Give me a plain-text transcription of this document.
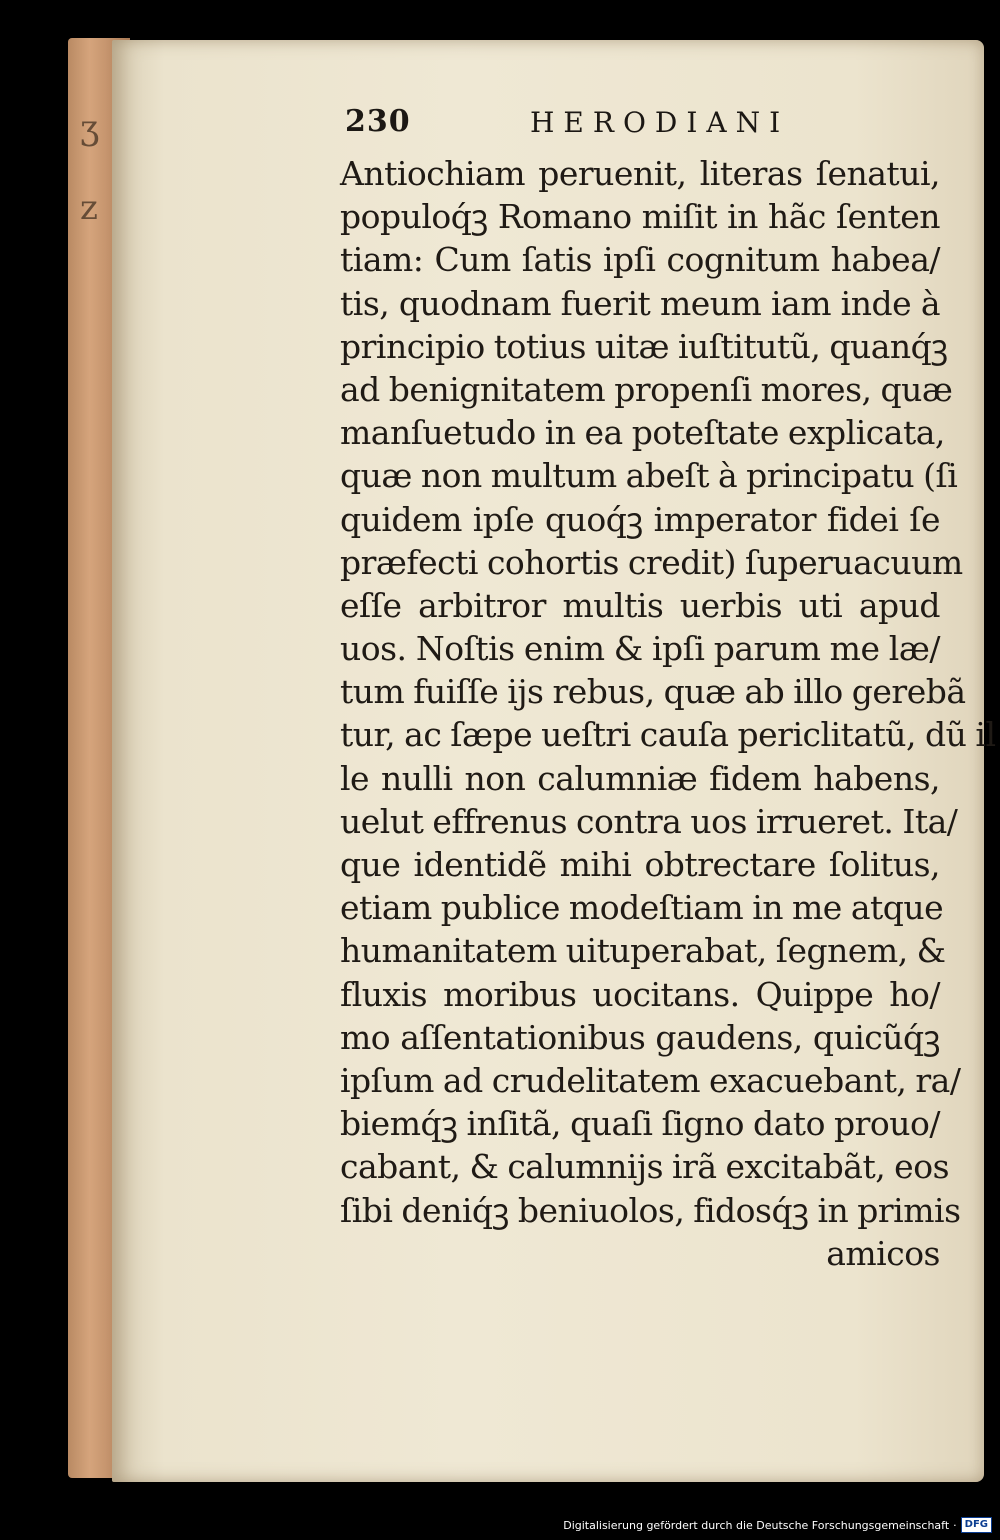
ʒ
z
230	HERODIANI
Antiochiam peruenit, literas ſenatui,
populoq́ꝫ Romano miſit in hãc ſenten
tiam: Cum ſatis ipſi cognitum habea/
tis, quodnam fuerit meum iam inde à
principio totius uitæ iuſtitutũ, quanq́ꝫ
ad benignitatem propenſi mores, quæ
manſuetudo in ea poteſtate explicata,
quæ non multum abeſt à principatu (ſi
quidem ipſe quoq́ꝫ imperator fidei ſe
præfecti cohortis credit) ſuperuacuum
eſſe arbitror multis uerbis uti apud
uos. Noſtis enim & ipſi parum me læ/
tum fuiſſe ijs rebus, quæ ab illo gerebã
tur, ac ſæpe ueſtri cauſa periclitatũ, dũ il
le nulli non calumniæ fidem habens,
uelut effrenus contra uos irrueret. Ita/
que identidẽ mihi obtrectare ſolitus,
etiam publice modeſtiam in me atque
humanitatem uituperabat, ſegnem, &
fluxis moribus uocitans. Quippe ho/
mo aſſentationibus gaudens, quicũq́ꝫ
ipſum ad crudelitatem exacuebant, ra/
biemq́ꝫ inſitã, quaſi ſigno dato prouo/
cabant, & calumnijs irã excitabãt, eos
ſibi deniq́ꝫ beniuolos, fidosq́ꝫ in primis
amicos
Digitalisierung gefördert durch die Deutsche Forschungsgemeinschaft · DFG
